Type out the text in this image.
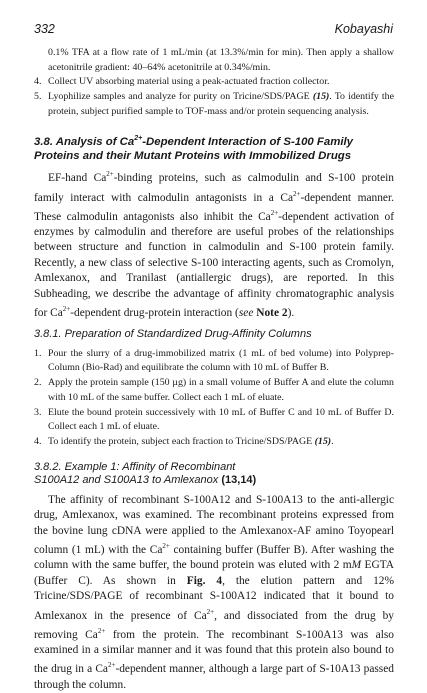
332	Kobayashi
0.1% TFA at a flow rate of 1 mL/min (at 13.3%/min for min). Then apply a shallow acetonitrile gradient: 40–64% acetonitrile at 0.34%/min.
4. Collect UV absorbing material using a peak-actuated fraction collector.
5. Lyophilize samples and analyze for purity on Tricine/SDS/PAGE (15). To identify the protein, subject purified sample to TOF-mass and/or protein sequencing analysis.
3.8. Analysis of $Ca^{2+}$-Dependent Interaction of S-100 Family Proteins and their Mutant Proteins with Immobilized Drugs

EF-hand $Ca^{2+}$-binding proteins, such as calmodulin and S-100 protein family interact with calmodulin antagonists in a $Ca^{2+}$-dependent manner. These calmodulin antagonists also inhibit the $Ca^{2+}$-dependent activation of enzymes by calmodulin and therefore are useful probes of the relationships between structure and function in calmodulin and S-100 protein family. Recently, a new class of selective S-100 interacting agents, such as Cromolyn, Amlexanox, and Tranilast (antiallergic drugs), are reported. In this Subheading, we describe the advantage of affinity chromatographic analysis for $Ca^{2+}$-dependent drug-protein interaction (see Note 2).

3.8.1. Preparation of Standardized Drug-Affinity Columns
1. Pour the slurry of a drug-immobilized matrix (1 mL of bed volume) into Polyprep-Column (Bio-Rad) and equilibrate the column with 10 mL of Buffer B.
2. Apply the protein sample (150 µg) in a small volume of Buffer A and elute the column with 10 mL of the same buffer. Collect each 1 mL of eluate.
3. Elute the bound protein successively with 10 mL of Buffer C and 10 mL of Buffer D. Collect each 1 mL of eluate.
4. To identify the protein, subject each fraction to Tricine/SDS/PAGE (15).
3.8.2. Example 1: Affinity of Recombinant
S100A12 and S100A13 to Amlexanox (13,14)

The affinity of recombinant S-100A12 and S-100A13 to the anti-allergic drug, Amlexanox, was examined. The recombinant proteins expressed from the bovine lung cDNA were applied to the Amlexanox-AF amino Toyopearl column (1 mL) with the $Ca^{2+}$ containing buffer (Buffer B). After washing the column with the same buffer, the bound protein was eluted with 2 mM EGTA (Buffer C). As shown in Fig. 4, the elution pattern and 12% Tricine/SDS/PAGE of recombinant S-100A12 indicated that it bound to Amlexanox in the presence of $Ca^{2+}$, and dissociated from the drug by removing $Ca^{2+}$ from the protein. The recombinant S-100A13 was also examined in a similar manner and it was found that this protein also bound to the drug in a $Ca^{2+}$-dependent manner, although a large part of S-10A13 passed through the column.
